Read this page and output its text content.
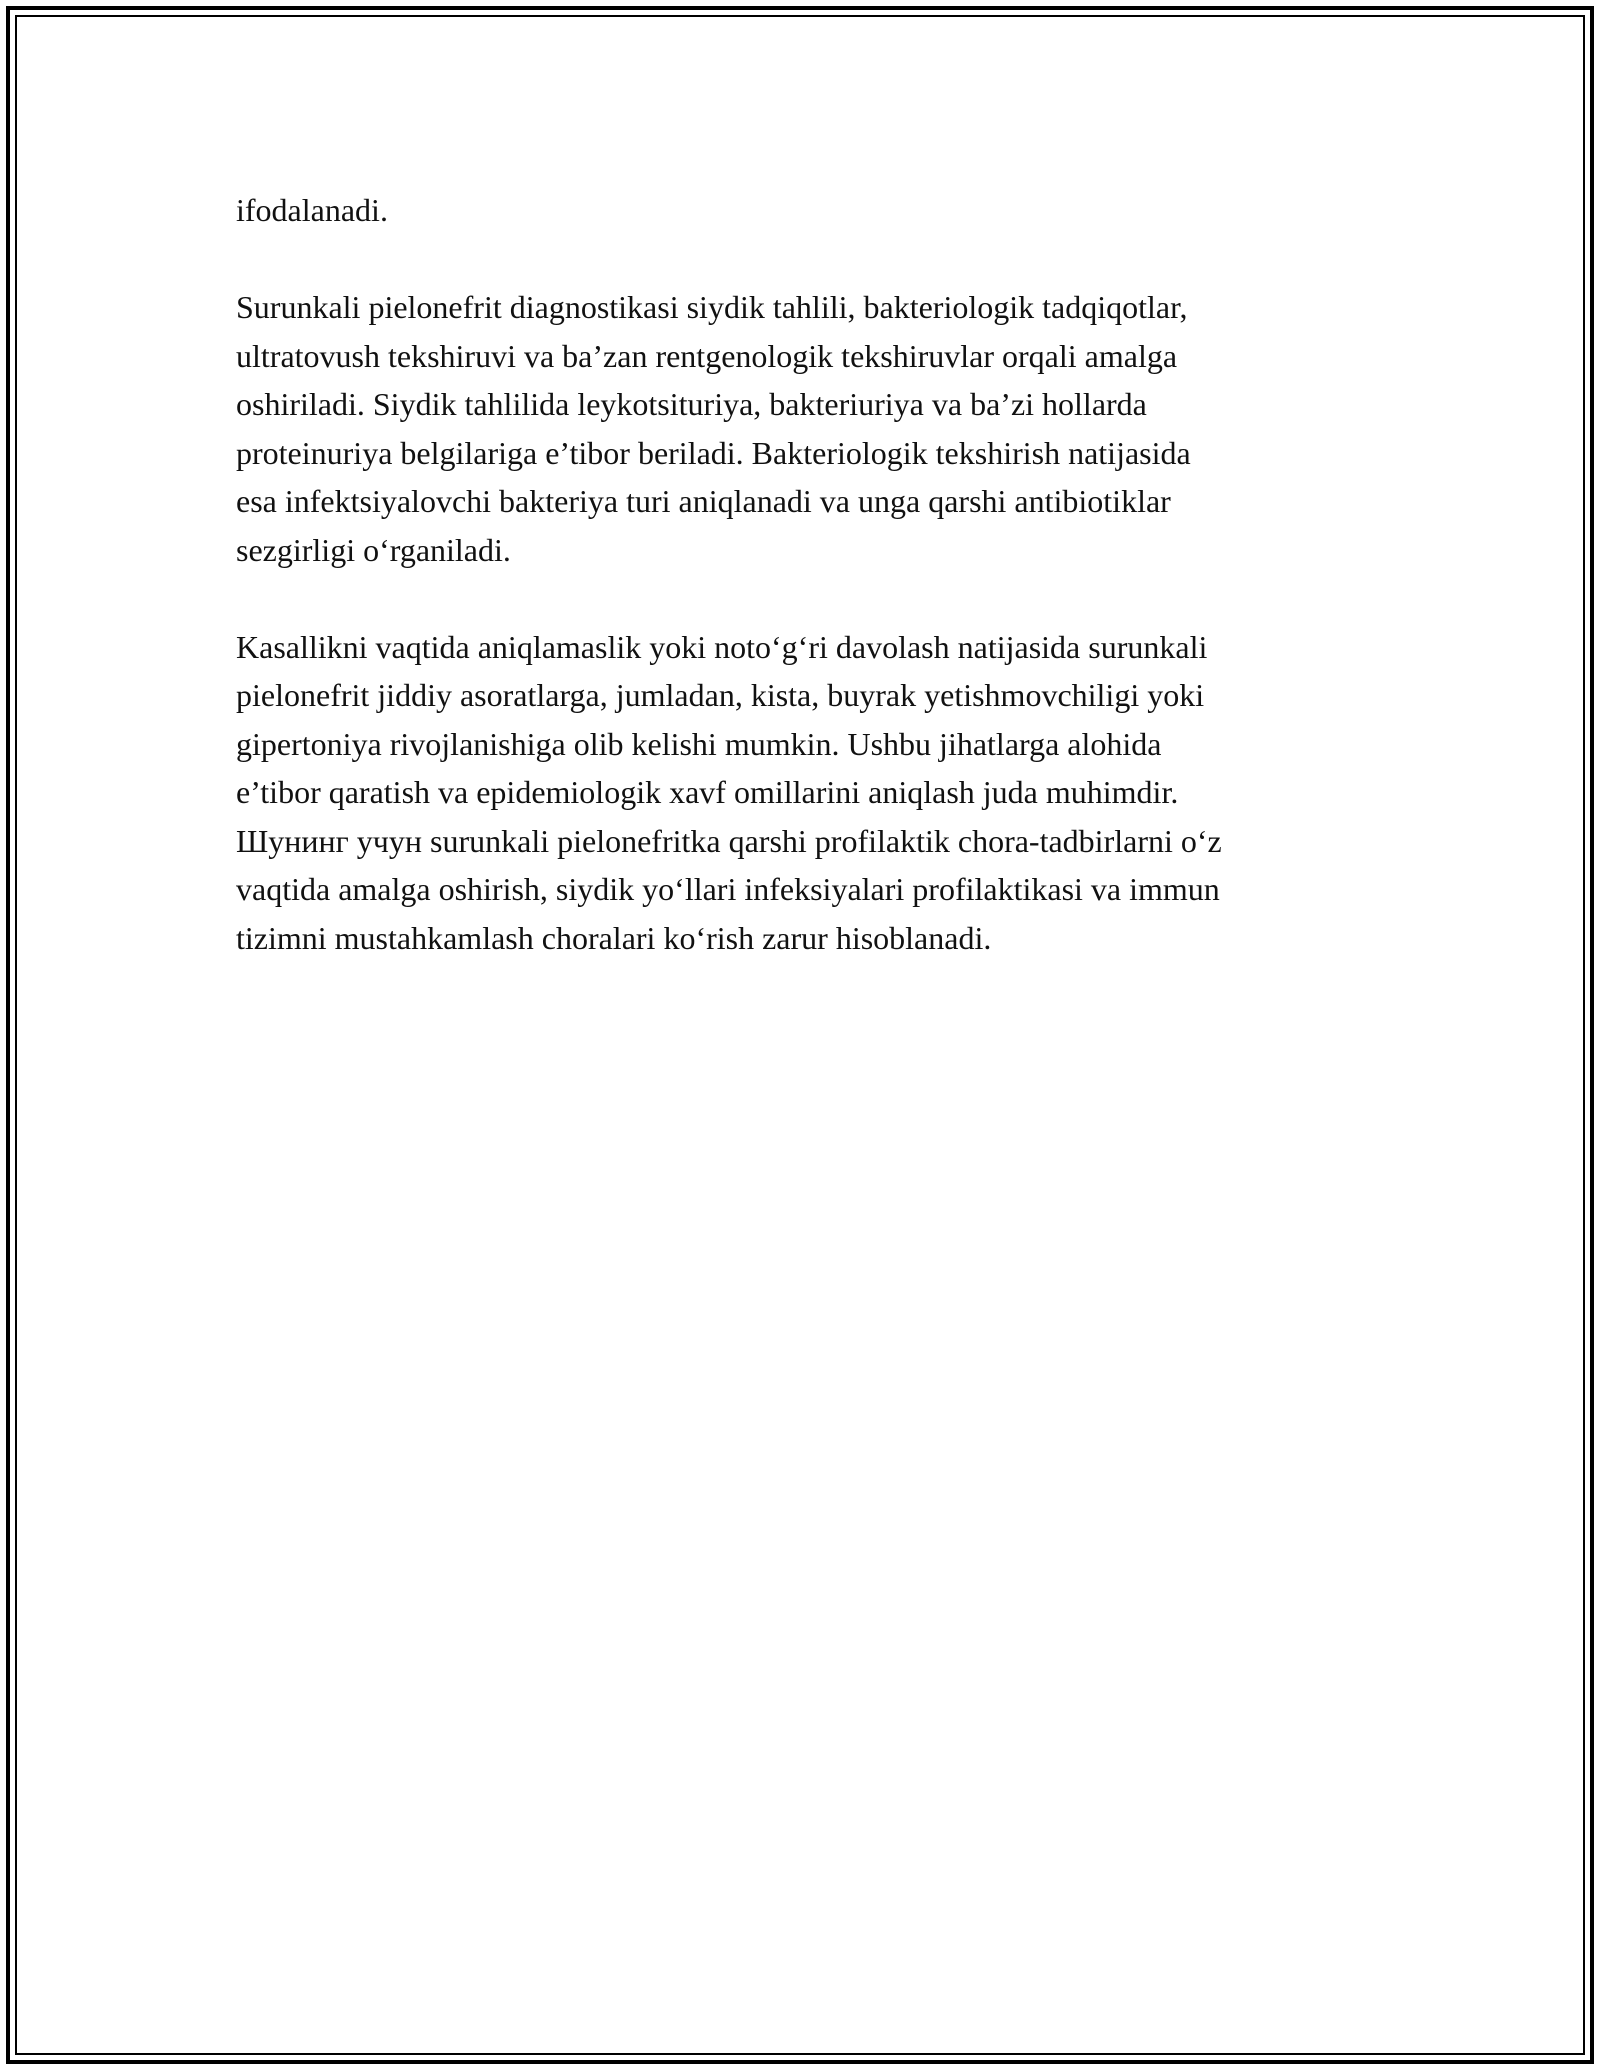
ifodalanadi.

Surunkali pielonefrit diagnostikasi siydik tahlili, bakteriologik tadqiqotlar,
ultratovush tekshiruvi va ba’zan rentgenologik tekshiruvlar orqali amalga
oshiriladi. Siydik tahlilida leykotsituriya, bakteriuriya va ba’zi hollarda
proteinuriya belgilariga e’tibor beriladi. Bakteriologik tekshirish natijasida
esa infektsiyalovchi bakteriya turi aniqlanadi va unga qarshi antibiotiklar
sezgirligi o‘rganiladi.

Kasallikni vaqtida aniqlamaslik yoki noto‘g‘ri davolash natijasida surunkali
pielonefrit jiddiy asoratlarga, jumladan, kista, buyrak yetishmovchiligi yoki
gipertoniya rivojlanishiga olib kelishi mumkin. Ushbu jihatlarga alohida
e’tibor qaratish va epidemiologik xavf omillarini aniqlash juda muhimdir.
Шунинг учун surunkali pielonefritka qarshi profilaktik chora-tadbirlarni o‘z
vaqtida amalga oshirish, siydik yo‘llari infeksiyalari profilaktikasi va immun
tizimni mustahkamlash choralari ko‘rish zarur hisoblanadi.
